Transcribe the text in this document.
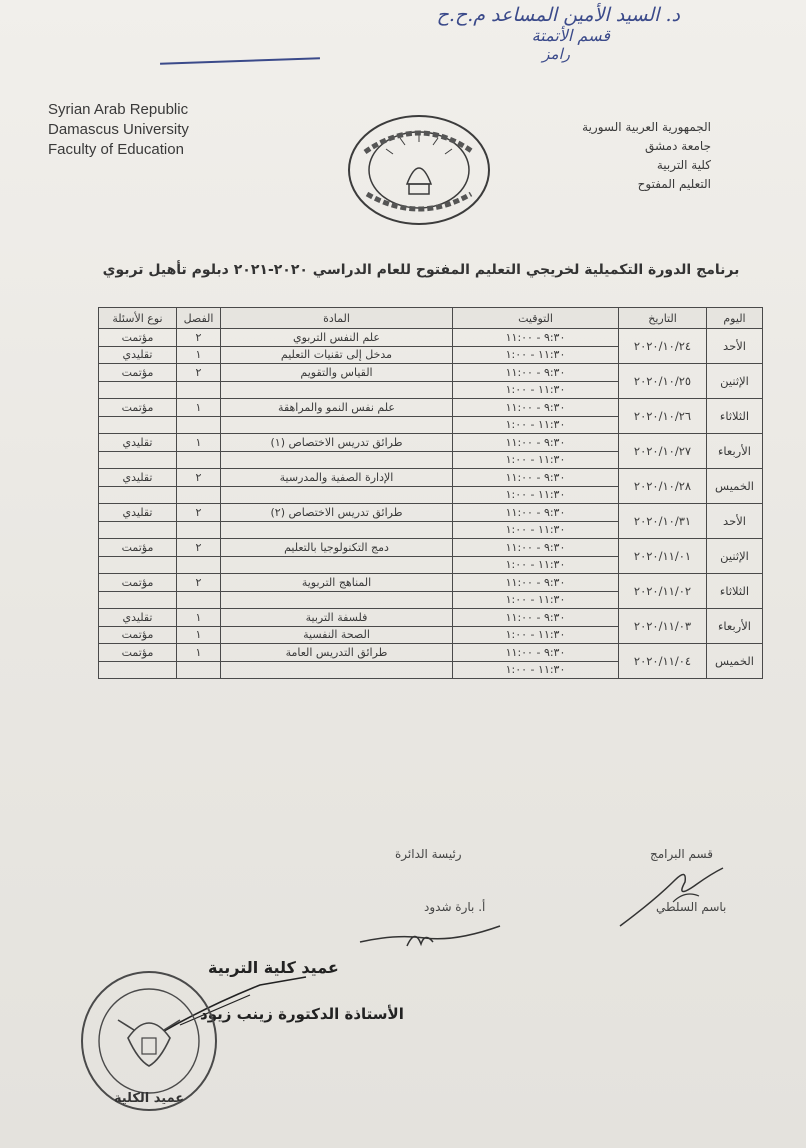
د. السيد الأمين المساعد م.ح.ح
قسم الأتمتة
رامز
Syrian Arab Republic
Damascus University
Faculty of Education
الجمهورية العربية السورية
جامعة دمشق
كلية التربية
التعليم المفتوح
برنامج الدورة التكميلية لخريجي التعليم المفتوح للعام الدراسي ٢٠٢٠-٢٠٢١ دبلوم تأهيل تربوي
اليوم	التاريخ	التوقيت	المادة	الفصل	نوع الأسئلة
الأحد	٢٠٢٠/١٠/٢٤	٩:٣٠ - ١١:٠٠	علم النفس التربوي	٢	مؤتمت
		١١:٣٠ - ١:٠٠	مدخل إلى تقنيات التعليم	١	تقليدي
الإثنين	٢٠٢٠/١٠/٢٥	٩:٣٠ - ١١:٠٠	القياس والتقويم	٢	مؤتمت
		١١:٣٠ - ١:٠٠			
الثلاثاء	٢٠٢٠/١٠/٢٦	٩:٣٠ - ١١:٠٠	علم نفس النمو والمراهقة	١	مؤتمت
		١١:٣٠ - ١:٠٠			
الأربعاء	٢٠٢٠/١٠/٢٧	٩:٣٠ - ١١:٠٠	طرائق تدريس الاختصاص (١)	١	تقليدي
		١١:٣٠ - ١:٠٠			
الخميس	٢٠٢٠/١٠/٢٨	٩:٣٠ - ١١:٠٠	الإدارة الصفية والمدرسية	٢	تقليدي
		١١:٣٠ - ١:٠٠			
الأحد	٢٠٢٠/١٠/٣١	٩:٣٠ - ١١:٠٠	طرائق تدريس الاختصاص (٢)	٢	تقليدي
		١١:٣٠ - ١:٠٠			
الإثنين	٢٠٢٠/١١/٠١	٩:٣٠ - ١١:٠٠	دمج التكنولوجيا بالتعليم	٢	مؤتمت
		١١:٣٠ - ١:٠٠			
الثلاثاء	٢٠٢٠/١١/٠٢	٩:٣٠ - ١١:٠٠	المناهج التربوية	٢	مؤتمت
		١١:٣٠ - ١:٠٠			
الأربعاء	٢٠٢٠/١١/٠٣	٩:٣٠ - ١١:٠٠	فلسفة التربية	١	تقليدي
		١١:٣٠ - ١:٠٠	الصحة النفسية	١	مؤتمت
الخميس	٢٠٢٠/١١/٠٤	٩:٣٠ - ١١:٠٠	طرائق التدريس العامة	١	مؤتمت
		١١:٣٠ - ١:٠٠			
رئيسة الدائرة
أ. بارة شدود
قسم البرامج
باسم السلطي
عميد كلية التربية
الأستاذة الدكتورة زينب زيود
عميد الكلية
